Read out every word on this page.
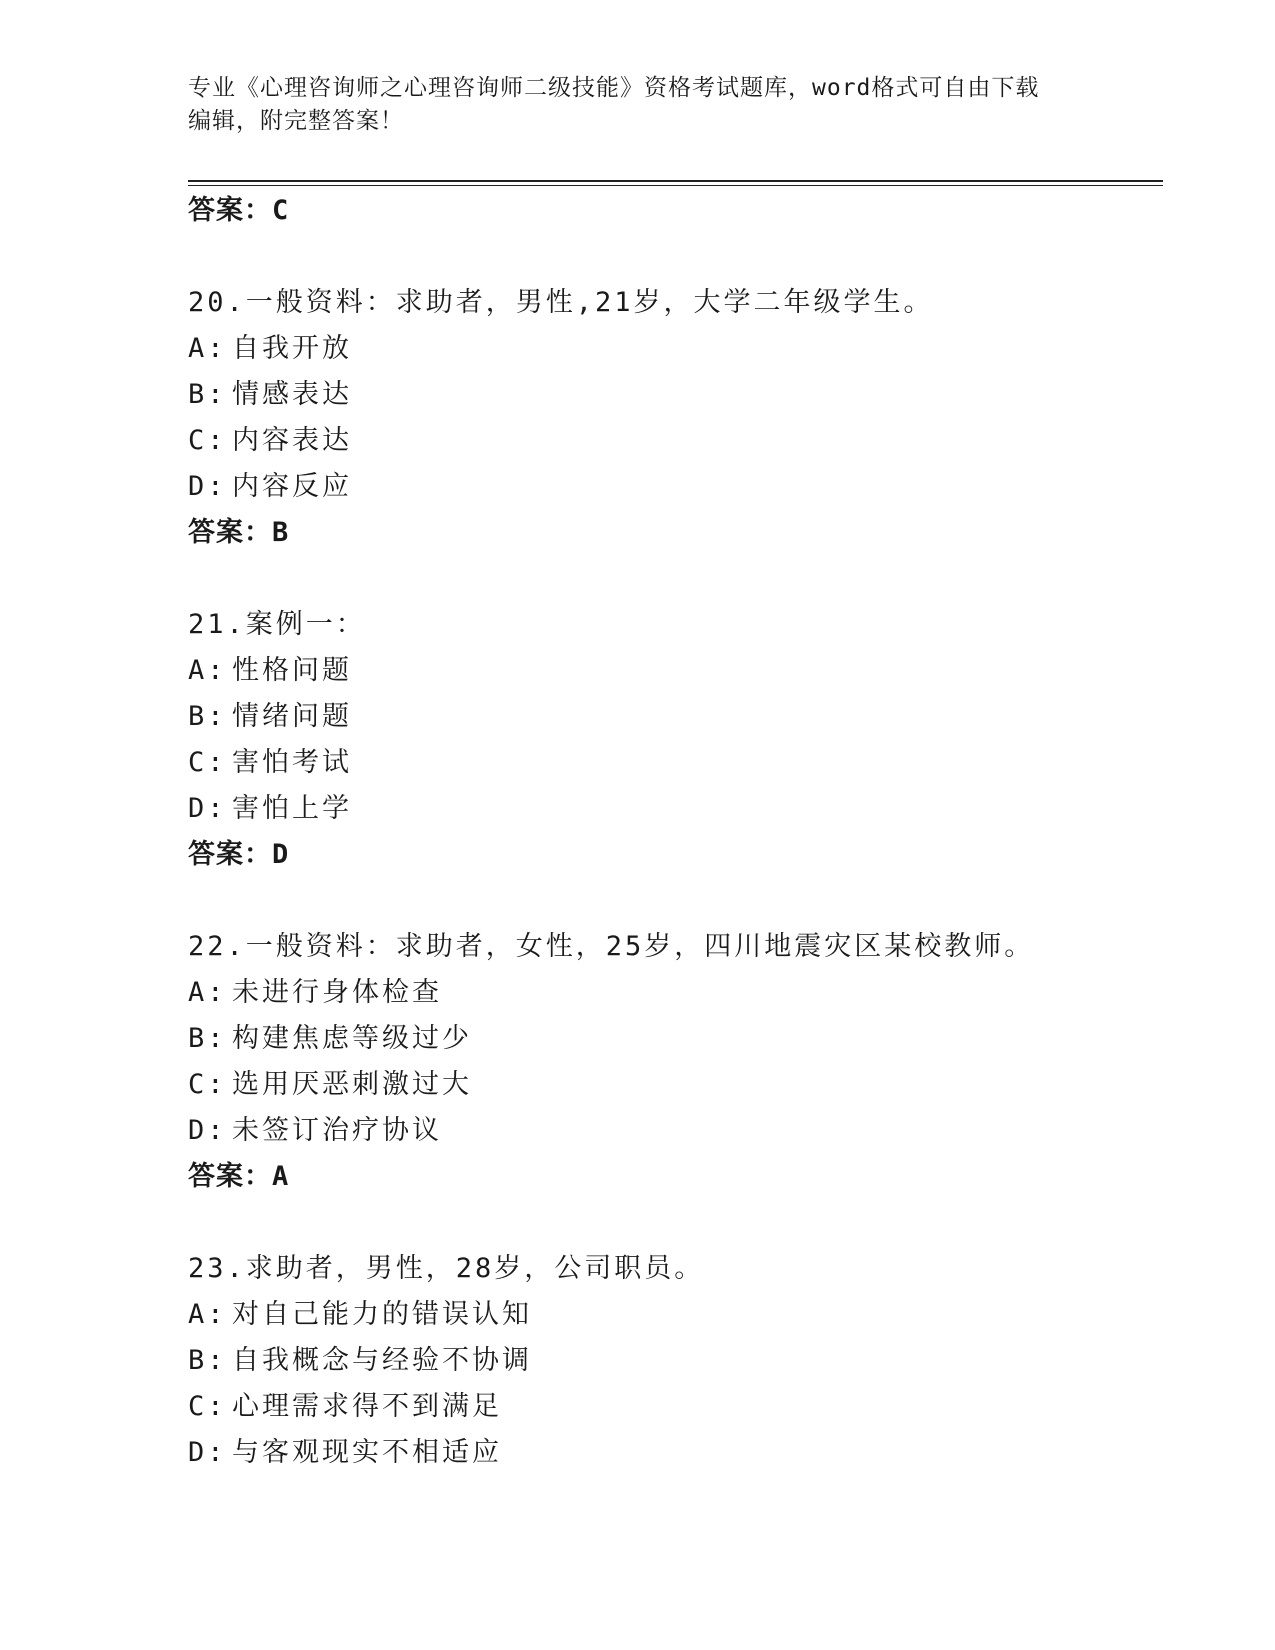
专业《心理咨询师之心理咨询师二级技能》资格考试题库，word格式可自由下载
编辑，附完整答案！
答案：C
20.一般资料：求助者，男性,21岁，大学二年级学生。
A: 自我开放
B: 情感表达
C: 内容表达
D: 内容反应
答案：B
21.案例一：
A: 性格问题
B: 情绪问题
C: 害怕考试
D: 害怕上学
答案：D
22.一般资料：求助者，女性，25岁，四川地震灾区某校教师。
A: 未进行身体检查
B: 构建焦虑等级过少
C: 选用厌恶刺激过大
D: 未签订治疗协议
答案：A
23.求助者，男性，28岁，公司职员。
A: 对自己能力的错误认知
B: 自我概念与经验不协调
C: 心理需求得不到满足
D: 与客观现实不相适应
